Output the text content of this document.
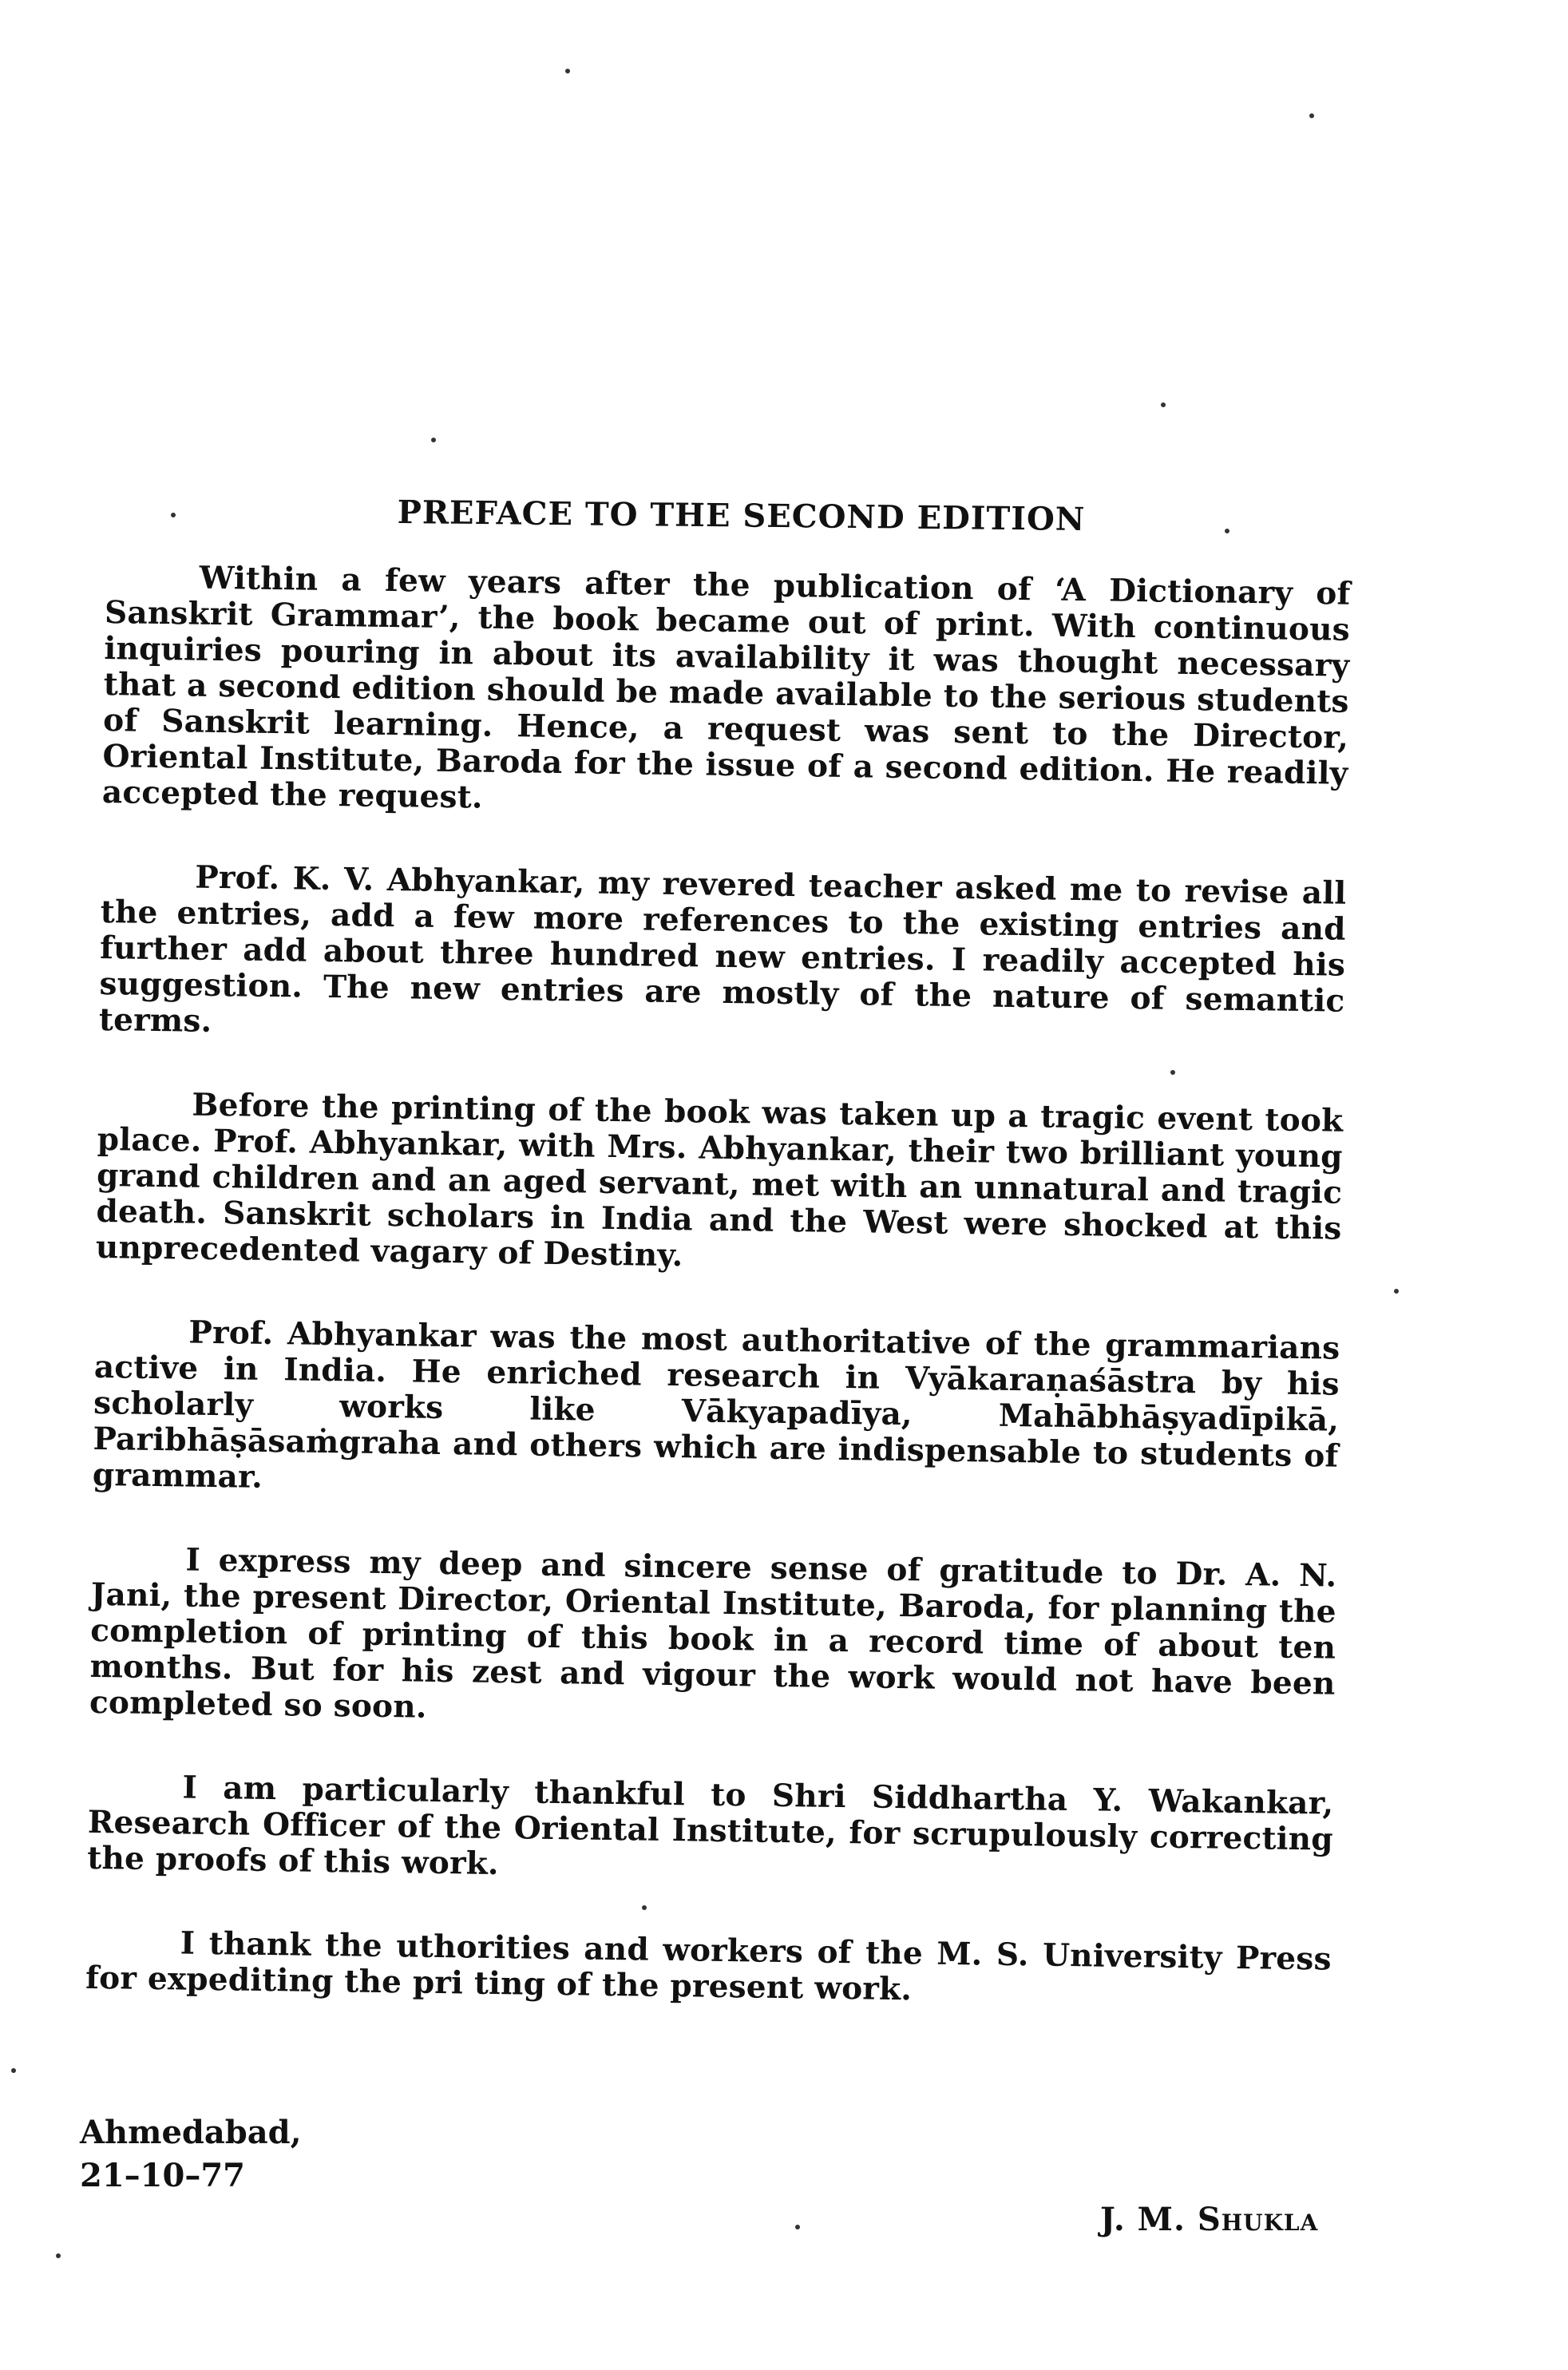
PREFACE TO THE SECOND EDITION

Within a few years after the publication of ‘A Dictionary of Sanskrit Grammar’, the book became out of print. With continuous inquiries pouring in about its availability it was thought necessary that a second edition should be made available to the serious students of Sanskrit learning. Hence, a request was sent to the Director, Oriental Institute, Baroda for the issue of a second edition. He readily accepted the request.

Prof. K. V. Abhyankar, my revered teacher asked me to revise all the entries, add a few more references to the existing entries and further add about three hundred new entries. I readily accepted his suggestion. The new entries are mostly of the nature of semantic terms.

Before the printing of the book was taken up a tragic event took place. Prof. Abhyankar, with Mrs. Abhyankar, their two brilliant young grand children and an aged servant, met with an unnatural and tragic death. Sanskrit scholars in India and the West were shocked at this unprecedented vagary of Destiny.

Prof. Abhyankar was the most authoritative of the grammarians active in India. He enriched research in Vyākaraṇaśāstra by his scholarly works like Vākyapadīya, Mahābhāṣyadīpikā, Paribhāṣāsaṁgraha and others which are indispensable to students of grammar.

I express my deep and sincere sense of gratitude to Dr. A. N. Jani, the present Director, Oriental Institute, Baroda, for planning the completion of printing of this book in a record time of about ten months. But for his zest and vigour the work would not have been completed so soon.

I am particularly thankful to Shri Siddhartha Y. Wakankar, Research Officer of the Oriental Institute, for scrupulously correcting the proofs of this work.

I thank the uthorities and workers of the M. S. University Press for expediting the pri ting of the present work.

Ahmedabad,
21–10–77
J. M. Shukla
